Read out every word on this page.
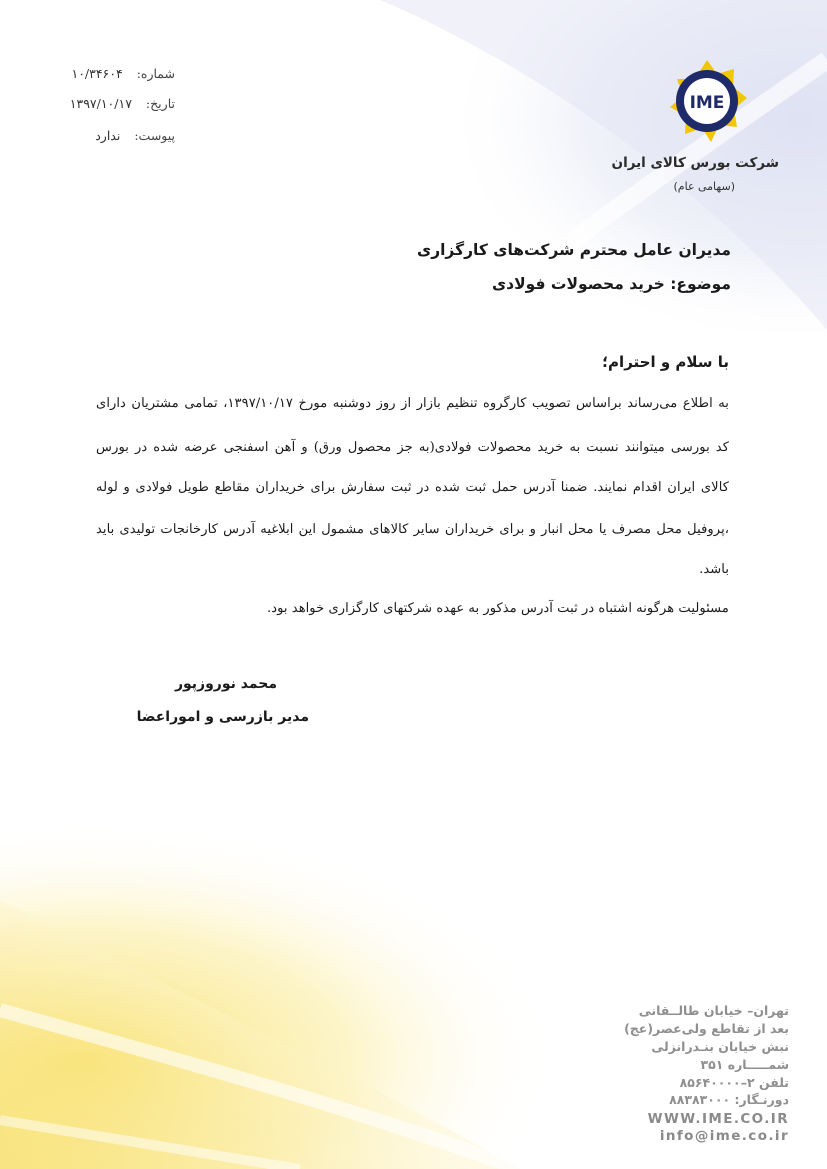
IME
شرکت بورس کالای ایران
(سهامی عام)
شماره: ۱۰/۳۴۶۰۴
تاریخ: ۱۳۹۷/۱۰/۱۷
پیوست: ندارد
مدیران عامل محترم شرکت‌های کارگزاری
موضوع: خرید محصولات فولادی
با سلام و احترام؛
به اطلاع می‌رساند براساس تصویب کارگروه تنظیم بازار از روز دوشنبه مورخ ۱۳۹۷/۱۰/۱۷، تمامی مشتریان دارای
کد بورسی میتوانند نسبت به خرید محصولات فولادی(به جز محصول ورق) و آهن اسفنجی عرضه شده در بورس
کالای ایران اقدام نمایند. ضمنا آدرس حمل ثبت شده در ثبت سفارش برای خریداران مقاطع طویل فولادی و لوله
،پروفیل محل مصرف یا محل انبار و برای خریداران سایر کالاهای مشمول این ابلاغیه آدرس کارخانجات تولیدی باید
باشد.
مسئولیت هرگونه اشتباه در ثبت آدرس مذکور به عهده شرکتهای کارگزاری خواهد بود.
محمد نوروزپور
مدیر بازرسی و اموراعضا
تهران– خیابان طالــقانی
بعد از تقاطع ولی‌عصر(عج)
نبش خیابان بنـدرانزلی
شمـــــاره ۳۵۱
تلفن ۲–۸۵۶۴۰۰۰۰
دورنـگار: ۸۸۳۸۳۰۰۰
WWW.IME.CO.IR
info@ime.co.ir
